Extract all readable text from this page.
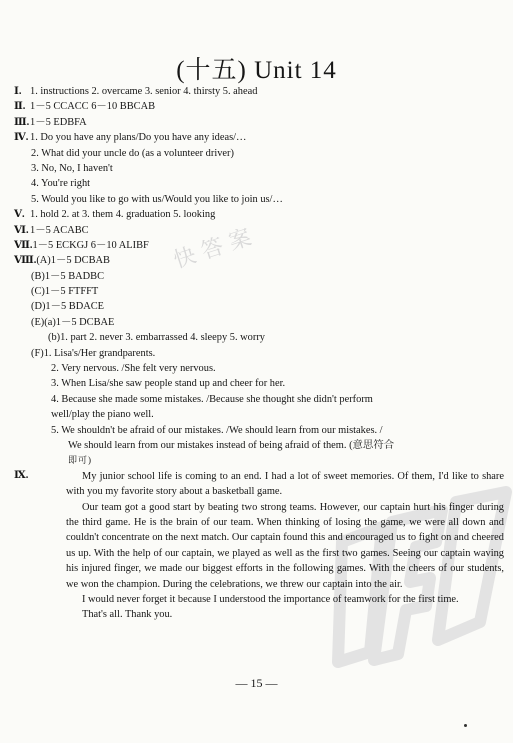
快 答 案
(十五) Unit 14
Ⅰ. 1. instructions 2. overcame 3. senior 4. thirsty 5. ahead
Ⅱ. 1－5 CCACC 6－10 BBCAB
Ⅲ.1－5 EDBFA
Ⅳ. 1. Do you have any plans/Do you have any ideas/…
2. What did your uncle do (as a volunteer driver)
3. No, No, I haven't
4. You're right
5. Would you like to go with us/Would you like to join us/…
Ⅴ. 1. hold 2. at 3. them 4. graduation 5. looking
Ⅵ.1－5 ACABC
Ⅶ.1－5 ECKGJ 6－10 ALIBF
Ⅷ.(A)1－5 DCBAB
(B)1－5 BADBC
(C)1－5 FTFFT
(D)1－5 BDACE
(E)(a)1－5 DCBAE
(b)1. part 2. never 3. embarrassed 4. sleepy 5. worry
(F)1. Lisa's/Her grandparents.
2. Very nervous. /She felt very nervous.
3. When Lisa/she saw people stand up and cheer for her.
4. Because she made some mistakes. /Because she thought she didn't perform
well/play the piano well.
5. We shouldn't be afraid of our mistakes. /We should learn from our mistakes. /
We should learn from our mistakes instead of being afraid of them. (意思符合
即可)
Ⅸ.	My junior school life is coming to an end. I had a lot of sweet memories. Of them, I'd like to share with you my favorite story about a basketball game.

Our team got a good start by beating two strong teams. However, our captain hurt his finger during the third game. He is the brain of our team. When thinking of losing the game, we were all down and couldn't concentrate on the next match. Our captain found this and encouraged us to fight on and cheered us up. With the help of our captain, we played as well as the first two games. Seeing our captain waving his injured finger, we made our biggest efforts in the following games. With the cheers of our students, we won the champion. During the celebrations, we threw our captain into the air.

I would never forget it because I understood the importance of teamwork for the first time.

That's all. Thank you.

— 15 —
